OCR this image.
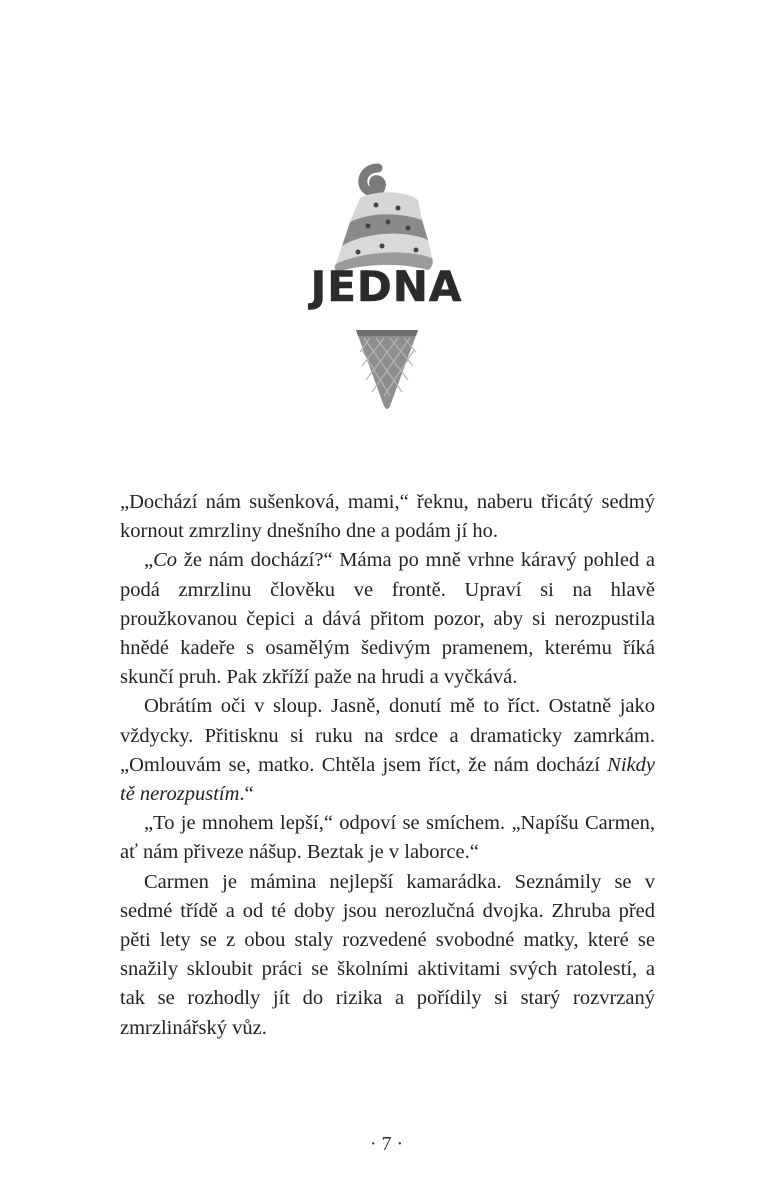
JEDNA

„Dochází nám sušenková, mami,“ řeknu, naberu třicátý sedmý kornout zmrzliny dnešního dne a podám jí ho.

„Co že nám dochází?“ Máma po mně vrhne káravý pohled a podá zmrzlinu člověku ve frontě. Upraví si na hlavě proužkovanou čepici a dává přitom pozor, aby si nerozpustila hnědé kadeře s osamělým šedivým pramenem, kterému říká skunčí pruh. Pak zkříží paže na hrudi a vyčkává.

Obrátím oči v sloup. Jasně, donutí mě to říct. Ostatně jako vždycky. Přitisknu si ruku na srdce a dramaticky zamrkám. „Omlouvám se, matko. Chtěla jsem říct, že nám dochází Nikdy tě nerozpustím.“

„To je mnohem lepší,“ odpoví se smíchem. „Napíšu Carmen, ať nám přiveze nášup. Beztak je v laborce.“

Carmen je mámina nejlepší kamarádka. Seznámily se v sedmé třídě a od té doby jsou nerozlučná dvojka. Zhruba před pěti lety se z obou staly rozvedené svobodné matky, které se snažily skloubit práci se školními aktivitami svých ratolestí, a tak se rozhodly jít do rizika a pořídily si starý rozvrzaný zmrzlinářský vůz.

· 7 ·
